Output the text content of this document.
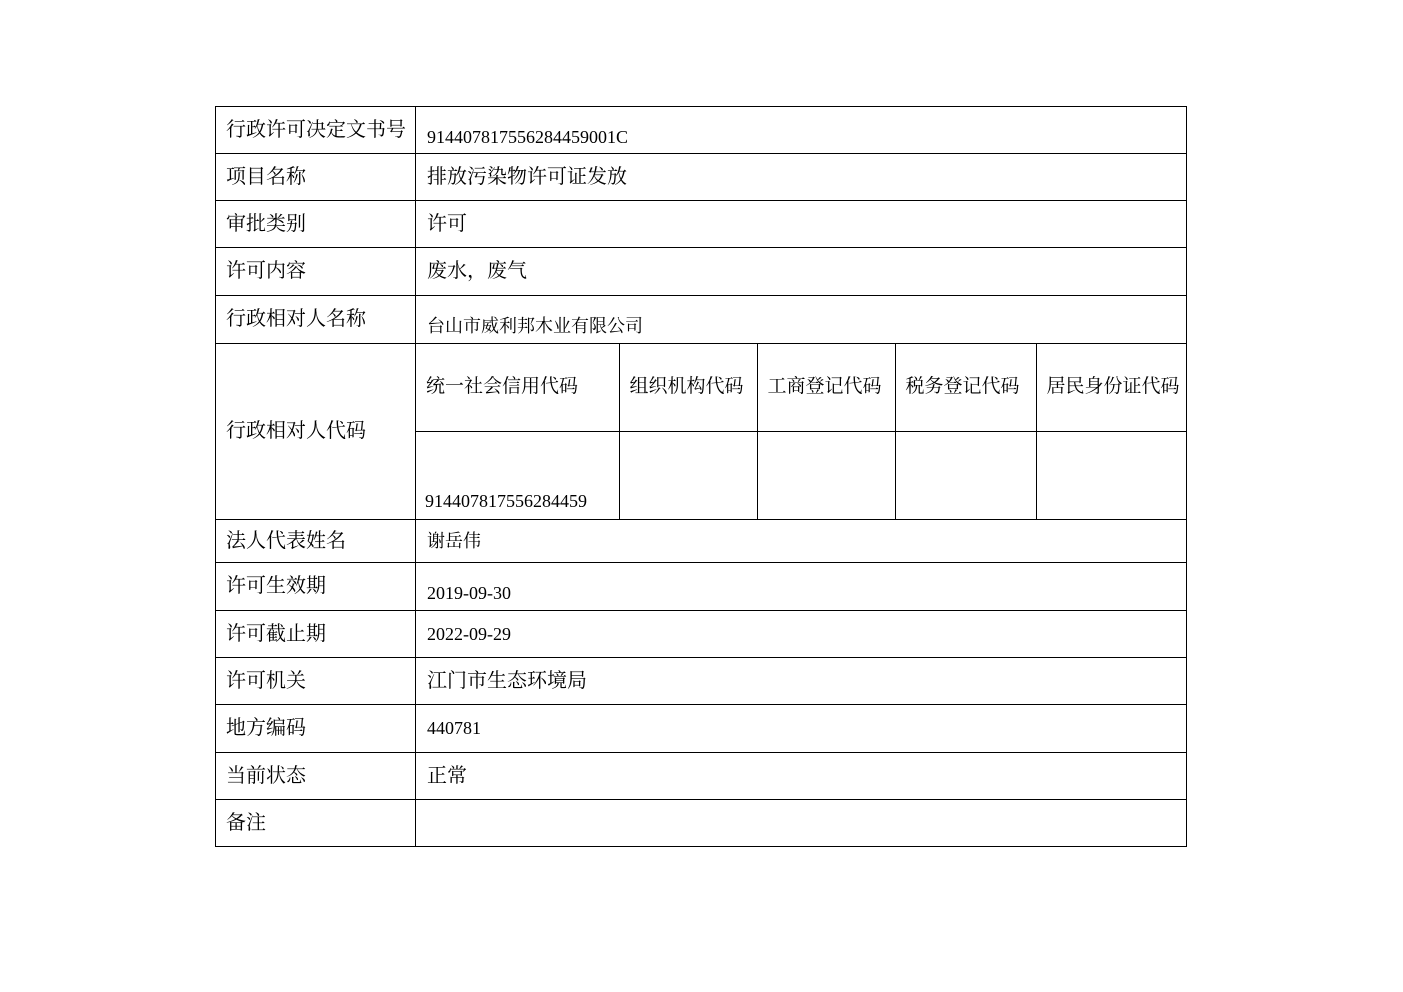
行政许可决定文书号	914407817556284459001C
项目名称	排放污染物许可证发放
审批类别	许可
许可内容	废水，废气
行政相对人名称	台山市威利邦木业有限公司
行政相对人代码	
统一社会信用代码	组织机构代码	工商登记代码	税务登记代码	居民身份证代码
914407817556284459				

法人代表姓名	谢岳伟
许可生效期	2019-09-30
许可截止期	2022-09-29
许可机关	江门市生态环境局
地方编码	440781
当前状态	正常
备注	
